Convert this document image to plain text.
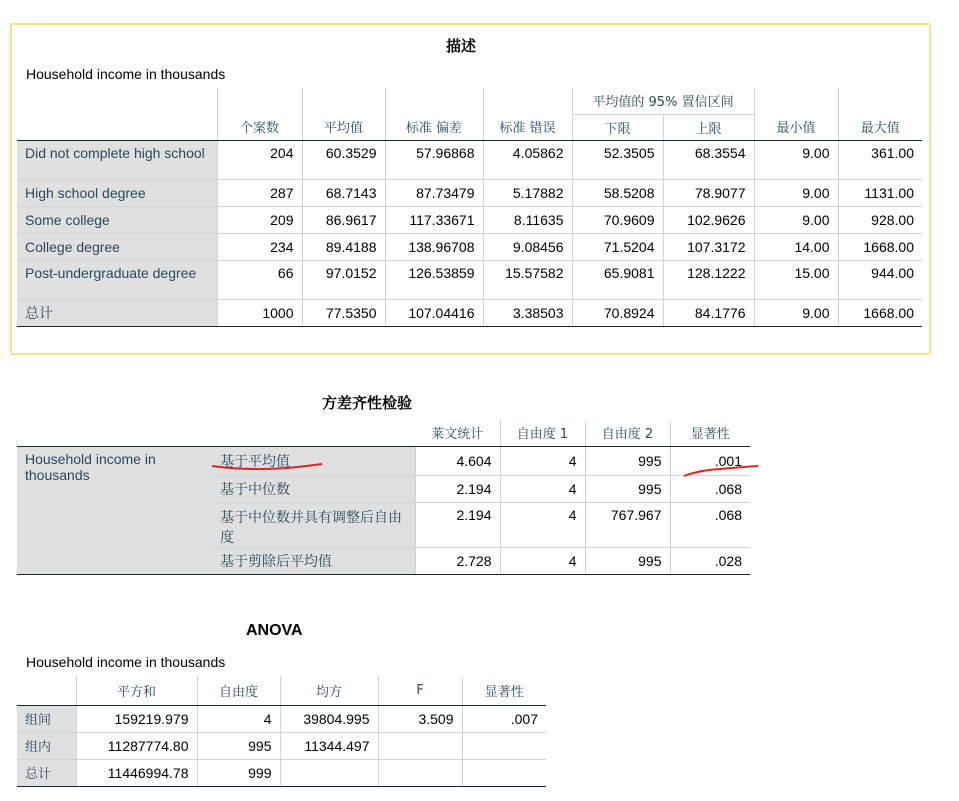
描述
Household income in thousands
					平均值的 95% 置信区间			
	个案数	平均值	标准 偏差	标准 错误	下限	上限	最小值	最大值
Did not complete high school	204	60.3529	57.96868	4.05862	52.3505	68.3554	9.00	361.00
High school degree	287	68.7143	87.73479	5.17882	58.5208	78.9077	9.00	1131.00
Some college	209	86.9617	117.33671	8.11635	70.9609	102.9626	9.00	928.00
College degree	234	89.4188	138.96708	9.08456	71.5204	107.3172	14.00	1668.00
Post-undergraduate degree	66	97.0152	126.53859	15.57582	65.9081	128.1222	15.00	944.00
总计	1000	77.5350	107.04416	3.38503	70.8924	84.1776	9.00	1668.00
方差齐性检验
		莱文统计	自由度 1	自由度 2	显著性
Household income in thousands	基于平均值	4.604	4	995	.001
	基于中位数	2.194	4	995	.068
	基于中位数并具有调整后自由度	2.194	4	767.967	.068
	基于剪除后平均值	2.728	4	995	.028
ANOVA
Household income in thousands
	平方和	自由度	均方	F	显著性
组间	159219.979	4	39804.995	3.509	.007
组内	11287774.80	995	11344.497		
总计	11446994.78	999			
